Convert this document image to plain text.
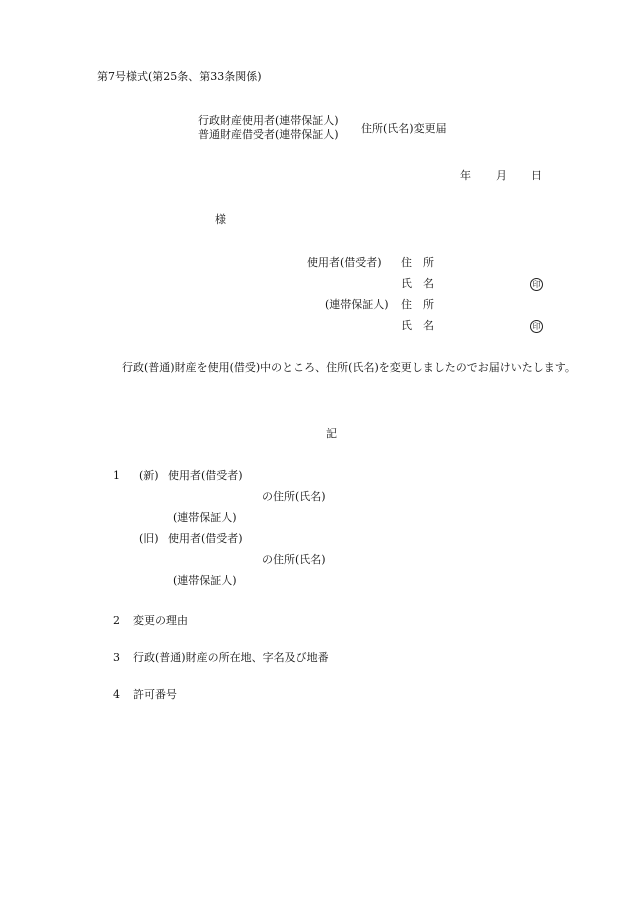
第7号様式(第25条、第33条関係)
行政財産使用者(連帯保証人)
普通財産借受者(連帯保証人) 住所(氏名)変更届
年 月 日
様
使用者(借受者) 住　所
氏　名	印
(連帯保証人) 住　所
氏　名	印
行政(普通)財産を使用(借受)中のところ、住所(氏名)を変更しましたのでお届けいたします。
記
1 (新) 使用者(借受者)
の住所(氏名)
(連帯保証人)
(旧) 使用者(借受者)
の住所(氏名)
(連帯保証人)
2 変更の理由
3 行政(普通)財産の所在地、字名及び地番
4 許可番号
